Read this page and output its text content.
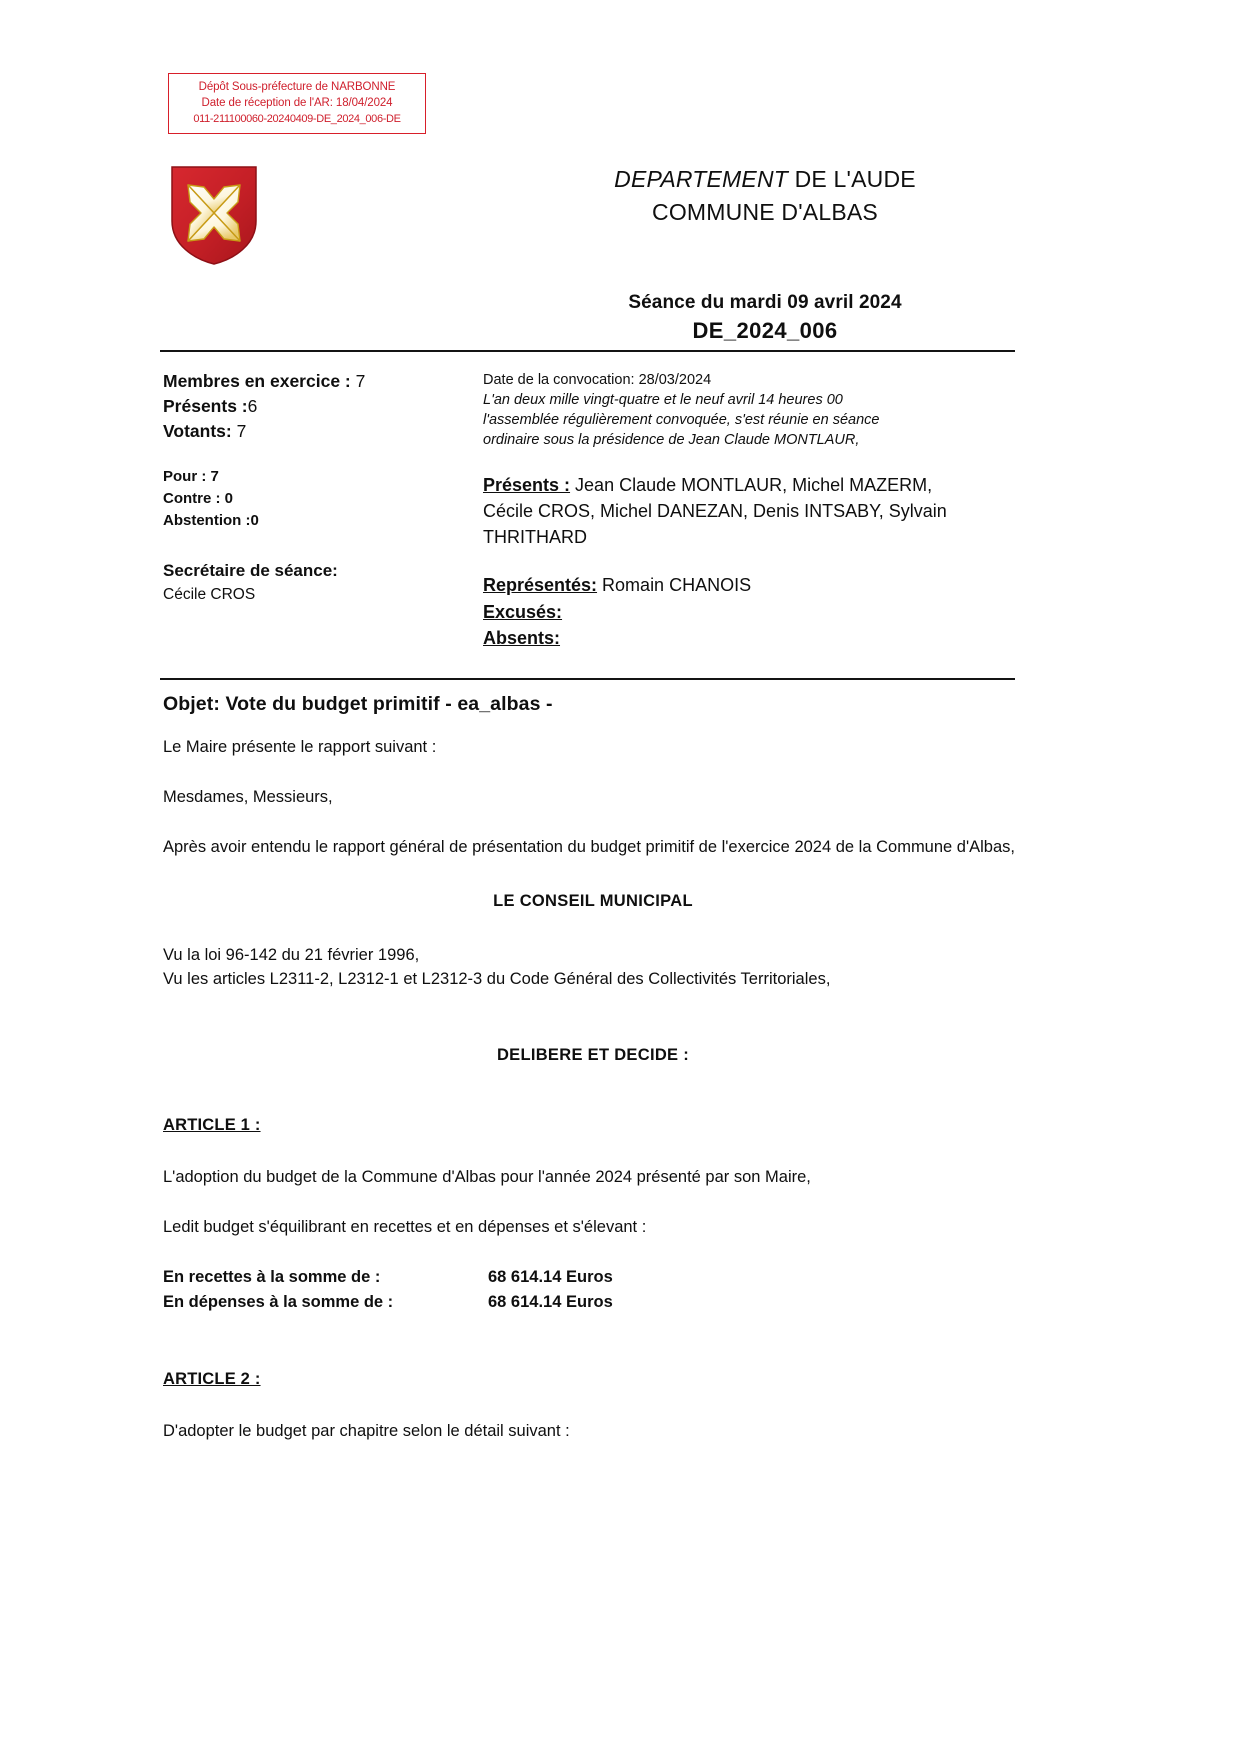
Dépôt Sous-préfecture de NARBONNE
Date de réception de l'AR: 18/04/2024
011-211100060-20240409-DE_2024_006-DE
DEPARTEMENT DE L'AUDE
COMMUNE D'ALBAS
Séance du mardi 09 avril 2024
DE_2024_006
Membres en exercice : 7
Présents :6
Votants: 7
Pour : 7
Contre : 0
Abstention :0
Secrétaire de séance:
Cécile CROS
Date de la convocation: 28/03/2024
L'an deux mille vingt-quatre et le neuf avril 14 heures 00
l'assemblée régulièrement convoquée, s'est réunie en séance
ordinaire sous la présidence de Jean Claude MONTLAUR,
Présents : Jean Claude MONTLAUR, Michel MAZERM, Cécile CROS, Michel DANEZAN, Denis INTSABY, Sylvain THRITHARD
Représentés: Romain CHANOIS
Excusés:
Absents:
Objet: Vote du budget primitif - ea_albas -

Le Maire présente le rapport suivant :

Mesdames, Messieurs,

Après avoir entendu le rapport général de présentation du budget primitif de l'exercice 2024 de la Commune d'Albas,

LE CONSEIL MUNICIPAL

Vu la loi 96-142 du 21 février 1996,

Vu les articles L2311-2, L2312-1 et L2312-3 du Code Général des Collectivités Territoriales,

DELIBERE ET DECIDE :
ARTICLE 1 :

L'adoption du budget de la Commune d'Albas pour l'année 2024 présenté par son Maire,

Ledit budget s'équilibrant en recettes et en dépenses et s'élevant :

En recettes à la somme de :	68 614.14 Euros
En dépenses à la somme de :	68 614.14 Euros
ARTICLE 2 :

D'adopter le budget par chapitre selon le détail suivant :
